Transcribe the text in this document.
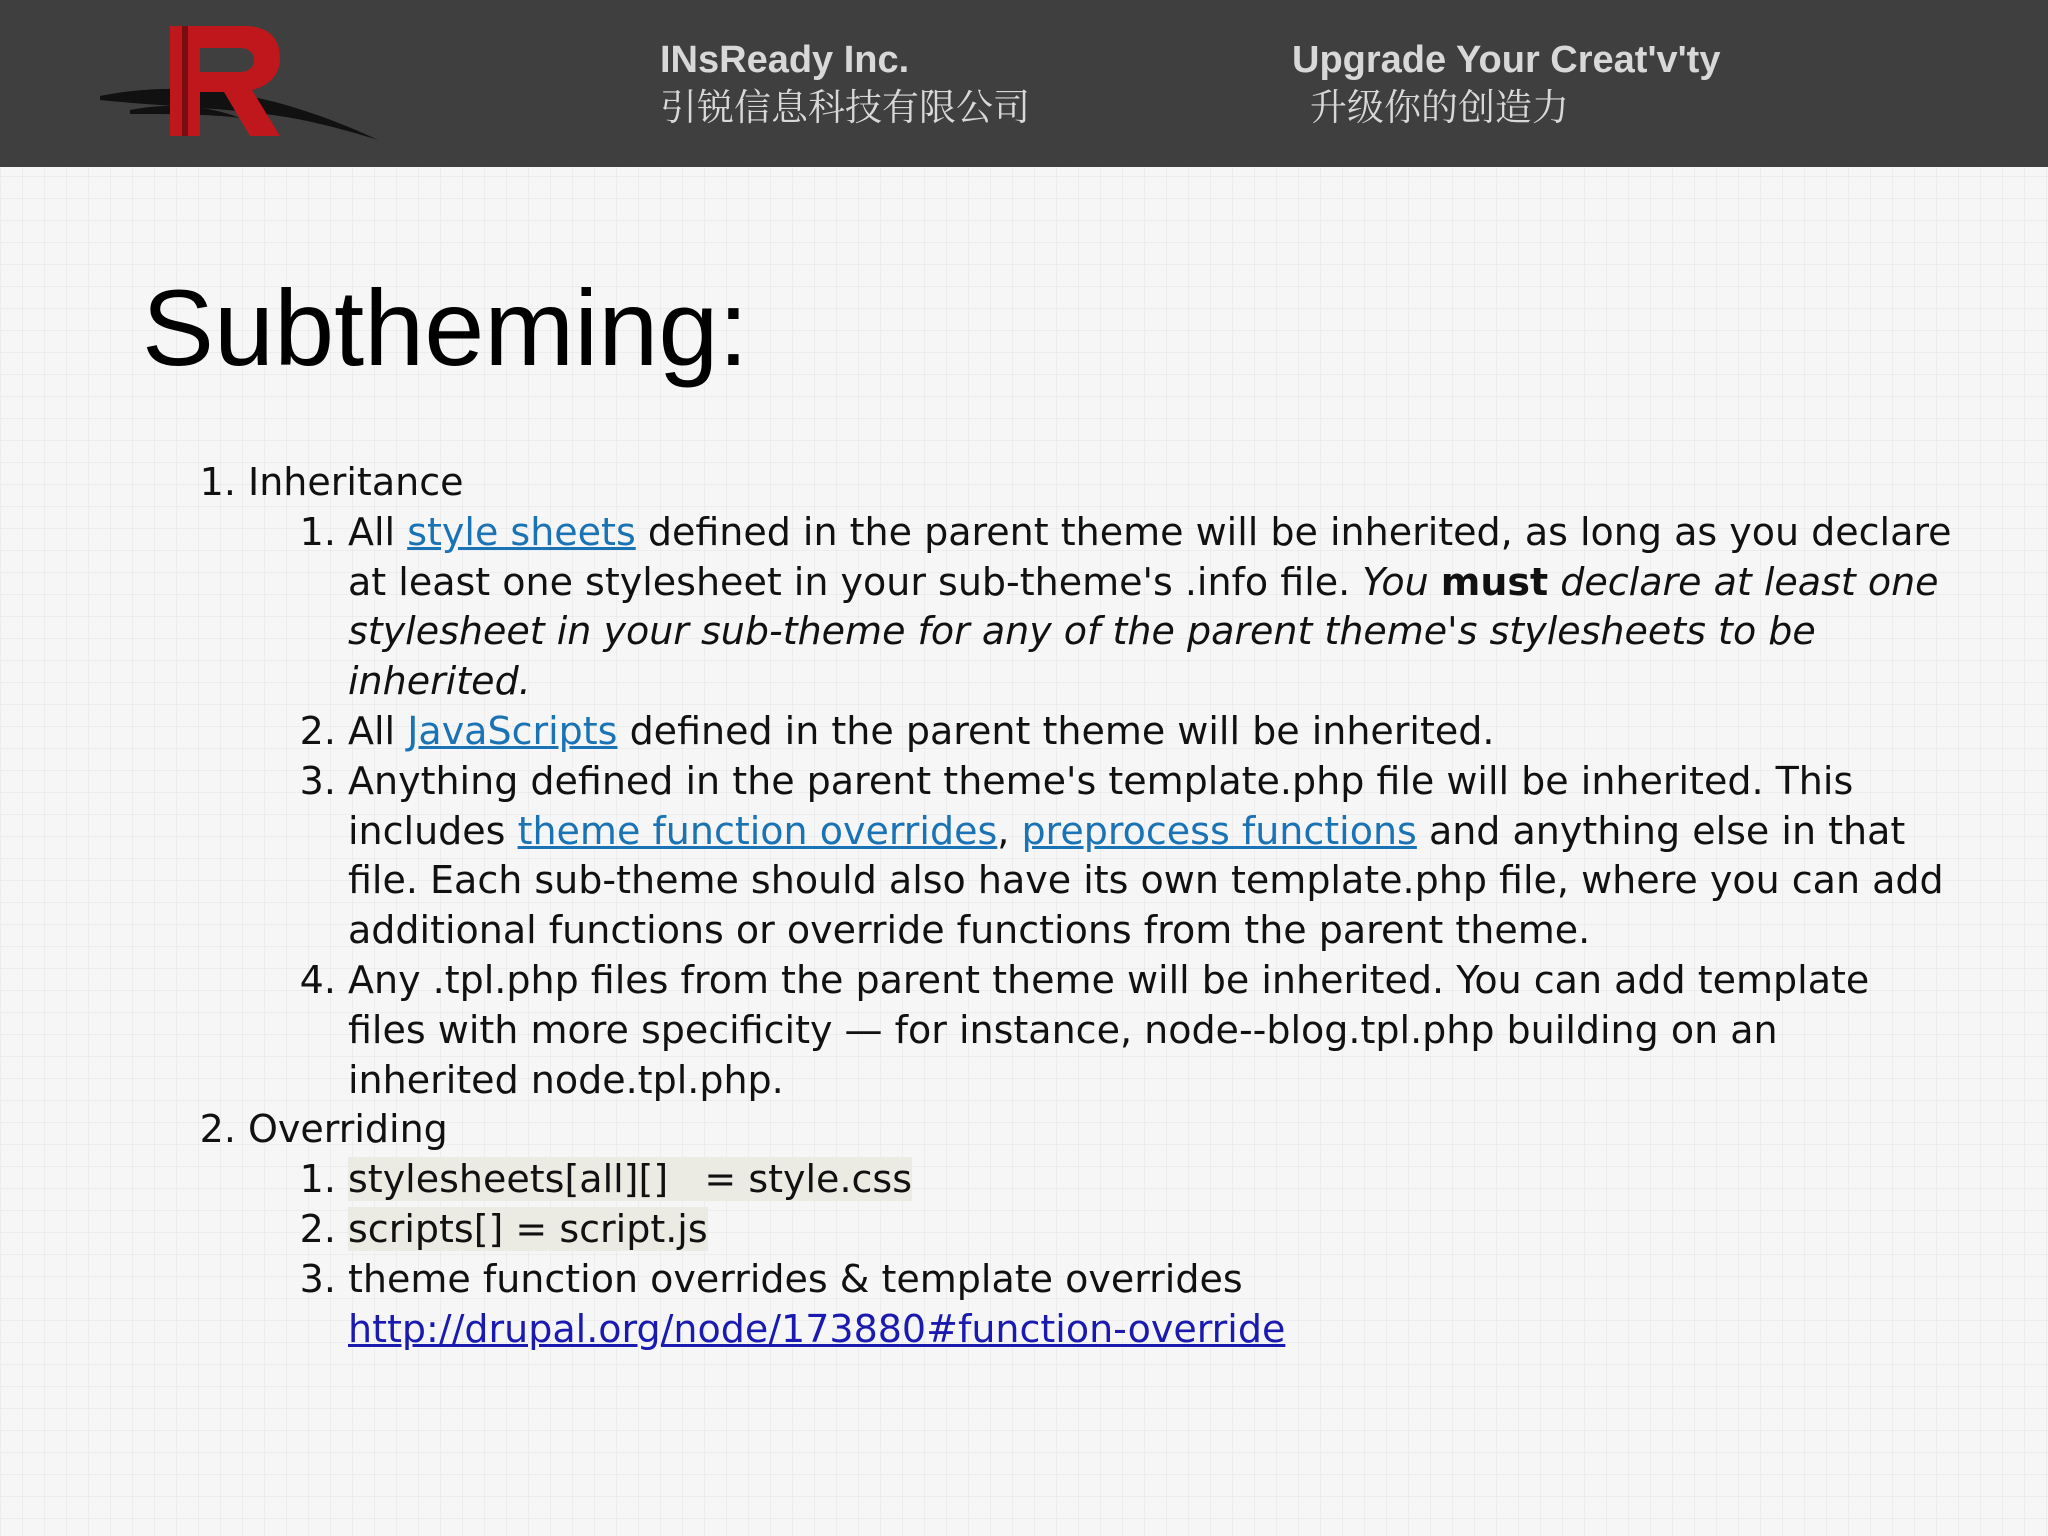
INsReady Inc.
引锐信息科技有限公司
Upgrade Your Creat'v'ty
升级你的创造力
Subtheming:
1. Inheritance
1. All style sheets defined in the parent theme will be inherited, as long as you declare at least one stylesheet in your sub-theme's .info file. You must declare at least one stylesheet in your sub-theme for any of the parent theme's stylesheets to be inherited.
2. All JavaScripts defined in the parent theme will be inherited.
3. Anything defined in the parent theme's template.php file will be inherited. This includes theme function overrides, preprocess functions and anything else in that file. Each sub-theme should also have its own template.php file, where you can add additional functions or override functions from the parent theme.
4. Any .tpl.php files from the parent theme will be inherited. You can add template files with more specificity — for instance, node--blog.tpl.php building on an inherited node.tpl.php.
2. Overriding
1. stylesheets[all][]   = style.css
2. scripts[] = script.js
3. theme function overrides & template overrides  http://drupal.org/node/173880#function-override
